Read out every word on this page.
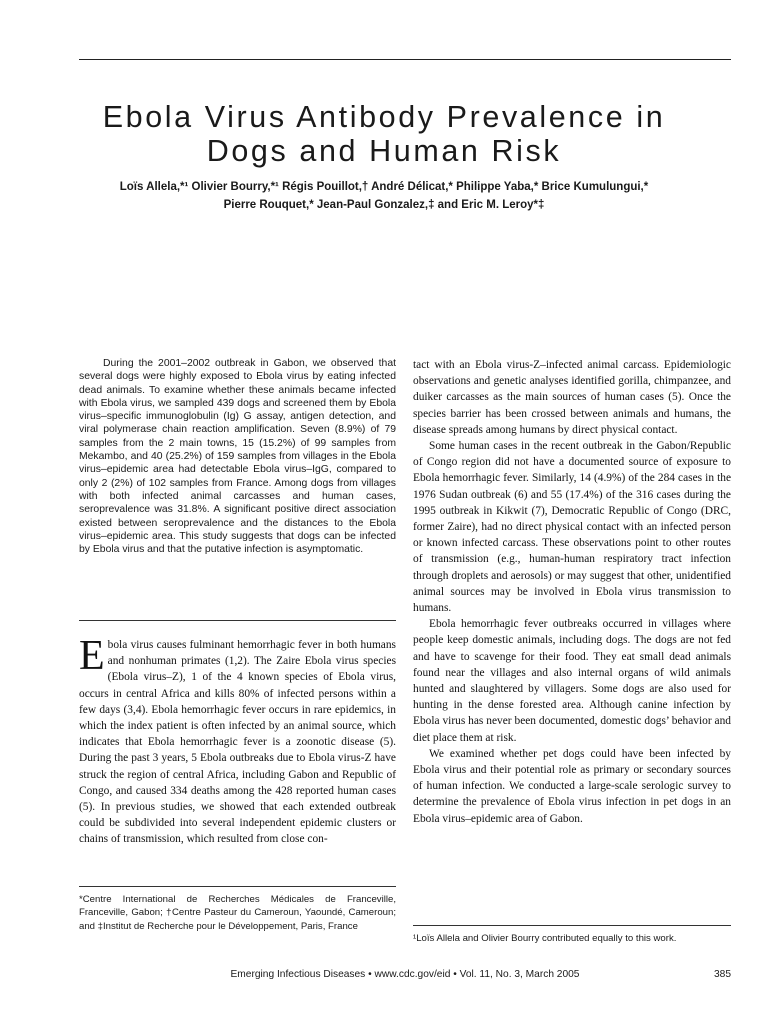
Ebola Virus Antibody Prevalence in
Dogs and Human Risk
Loïs Allela,*¹ Olivier Bourry,*¹ Régis Pouillot,† André Délicat,* Philippe Yaba,* Brice Kumulungui,*
Pierre Rouquet,* Jean-Paul Gonzalez,‡ and Eric M. Leroy*‡

During the 2001–2002 outbreak in Gabon, we observed that several dogs were highly exposed to Ebola virus by eating infected dead animals. To examine whether these animals became infected with Ebola virus, we sampled 439 dogs and screened them by Ebola virus–specific immunoglobulin (Ig) G assay, antigen detection, and viral polymerase chain reaction amplification. Seven (8.9%) of 79 samples from the 2 main towns, 15 (15.2%) of 99 samples from Mekambo, and 40 (25.2%) of 159 samples from villages in the Ebola virus–epidemic area had detectable Ebola virus–IgG, compared to only 2 (2%) of 102 samples from France. Among dogs from villages with both infected animal carcasses and human cases, seroprevalence was 31.8%. A significant positive direct association existed between seroprevalence and the distances to the Ebola virus–epidemic area. This study suggests that dogs can be infected by Ebola virus and that the putative infection is asymptomatic.

Ebola virus causes fulminant hemorrhagic fever in both humans and nonhuman primates (1,2). The Zaire Ebola virus species (Ebola virus–Z), 1 of the 4 known species of Ebola virus, occurs in central Africa and kills 80% of infected persons within a few days (3,4). Ebola hemorrhagic fever occurs in rare epidemics, in which the index patient is often infected by an animal source, which indicates that Ebola hemorrhagic fever is a zoonotic disease (5). During the past 3 years, 5 Ebola outbreaks due to Ebola virus-Z have struck the region of central Africa, including Gabon and Republic of Congo, and caused 334 deaths among the 428 reported human cases (5). In previous studies, we showed that each extended outbreak could be subdivided into several independent epidemic clusters or chains of transmission, which resulted from close con-

tact with an Ebola virus-Z–infected animal carcass. Epidemiologic observations and genetic analyses identified gorilla, chimpanzee, and duiker carcasses as the main sources of human cases (5). Once the species barrier has been crossed between animals and humans, the disease spreads among humans by direct physical contact.

Some human cases in the recent outbreak in the Gabon/Republic of Congo region did not have a documented source of exposure to Ebola hemorrhagic fever. Similarly, 14 (4.9%) of the 284 cases in the 1976 Sudan outbreak (6) and 55 (17.4%) of the 316 cases during the 1995 outbreak in Kikwit (7), Democratic Republic of Congo (DRC, former Zaire), had no direct physical contact with an infected person or known infected carcass. These observations point to other routes of transmission (e.g., human-human respiratory tract infection through droplets and aerosols) or may suggest that other, unidentified animal sources may be involved in Ebola virus transmission to humans.

Ebola hemorrhagic fever outbreaks occurred in villages where people keep domestic animals, including dogs. The dogs are not fed and have to scavenge for their food. They eat small dead animals found near the villages and also internal organs of wild animals hunted and slaughtered by villagers. Some dogs are also used for hunting in the dense forested area. Although canine infection by Ebola virus has never been documented, domestic dogs’ behavior and diet place them at risk.

We examined whether pet dogs could have been infected by Ebola virus and their potential role as primary or secondary sources of human infection. We conducted a large-scale serologic survey to determine the prevalence of Ebola virus infection in pet dogs in an Ebola virus–epidemic area of Gabon.

*Centre International de Recherches Médicales de Franceville, Franceville, Gabon; †Centre Pasteur du Cameroun, Yaoundé, Cameroun; and ‡Institut de Recherche pour le Développement, Paris, France
¹Loïs Allela and Olivier Bourry contributed equally to this work.
Emerging Infectious Diseases • www.cdc.gov/eid • Vol. 11, No. 3, March 2005	385
